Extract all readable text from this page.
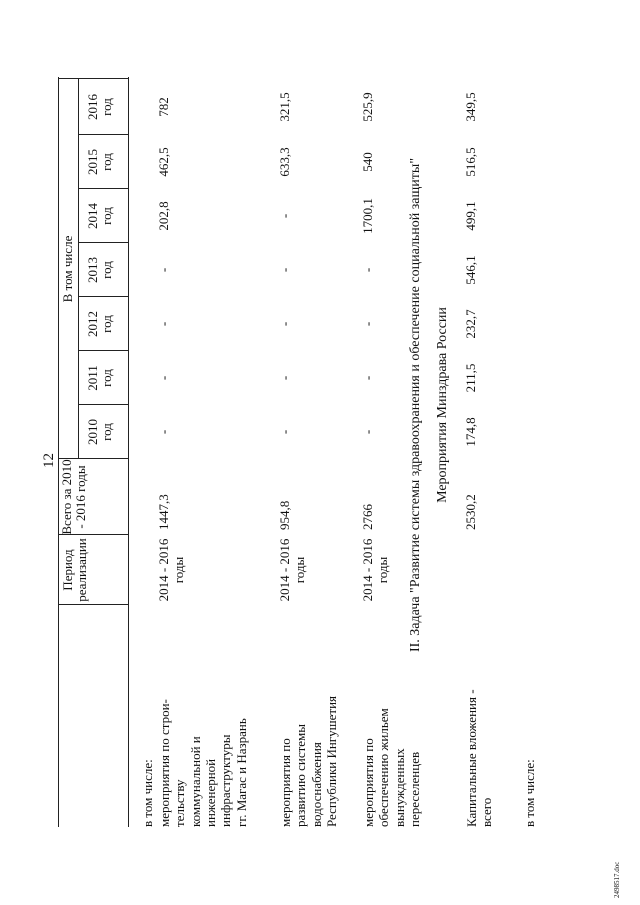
12
Период реализации
Всего за 2010 - 2016 годы
В том числе
2010 год
2011 год
2012 год
2013 год
2014 год
2015 год
2016 год
в том числе: мероприятия по строи- тельству коммунальной и инженерной инфраструктуры гг. Магас и Назрань
2014 - 2016 годы
1447,3
-
-
-
-
202,8
462,5
782
мероприятия по развитию системы водоснабжения Республики Ингушетия
2014 - 2016 годы
954,8
-
-
-
-
-
633,3
321,5
мероприятия по обеспечению жильем вынужденных переселенцев
2014 - 2016 годы
2766
-
-
-
-
1700,1
540
525,9
II. Задача "Развитие системы здравоохранения и обеспечение социальной защиты" Мероприятия Минздрава России
Капитальные вложения - всего
2530,2
174,8
211,5
232,7
546,1
499,1
516,5
349,5
в том числе:
2498517.doc
